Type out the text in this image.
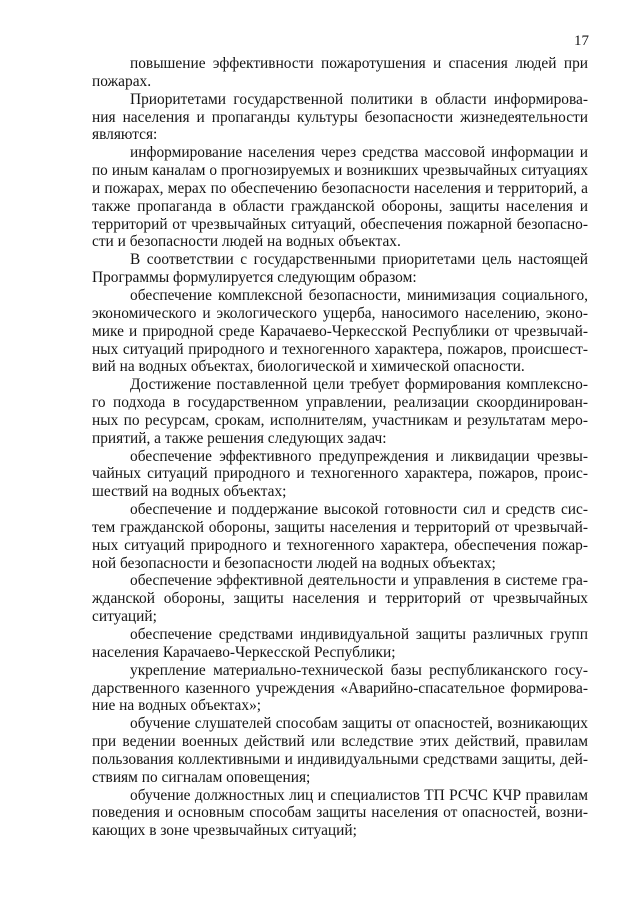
17
повышение эффективности пожаротушения и спасения людей при
пожарах.
Приоритетами государственной политики в области информирова-
ния населения и пропаганды культуры безопасности жизнедеятельности
являются:
информирование населения через средства массовой информации и
по иным каналам о прогнозируемых и возникших чрезвычайных ситуациях
и пожарах, мерах по обеспечению безопасности населения и территорий, а
также пропаганда в области гражданской обороны, защиты населения и
территорий от чрезвычайных ситуаций, обеспечения пожарной безопасно-
сти и безопасности людей на водных объектах.
В соответствии с государственными приоритетами цель настоящей
Программы формулируется следующим образом:
обеспечение комплексной безопасности, минимизация социального,
экономического и экологического ущерба, наносимого населению, эконо-
мике и природной среде Карачаево-Черкесской Республики от чрезвычай-
ных ситуаций природного и техногенного характера, пожаров, происшест-
вий на водных объектах, биологической и химической опасности.
Достижение поставленной цели требует формирования комплексно-
го подхода в государственном управлении, реализации скоординирован-
ных по ресурсам, срокам, исполнителям, участникам и результатам меро-
приятий, а также решения следующих задач:
обеспечение эффективного предупреждения и ликвидации чрезвы-
чайных ситуаций природного и техногенного характера, пожаров, проис-
шествий на водных объектах;
обеспечение и поддержание высокой готовности сил и средств сис-
тем гражданской обороны, защиты населения и территорий от чрезвычай-
ных ситуаций природного и техногенного характера, обеспечения пожар-
ной безопасности и безопасности людей на водных объектах;
обеспечение эффективной деятельности и управления в системе гра-
жданской обороны, защиты населения и территорий от чрезвычайных
ситуаций;
обеспечение средствами индивидуальной защиты различных групп
населения Карачаево-Черкесской Республики;
укрепление материально-технической базы республиканского госу-
дарственного казенного учреждения «Аварийно-спасательное формирова-
ние на водных объектах»;
обучение слушателей способам защиты от опасностей, возникающих
при ведении военных действий или вследствие этих действий, правилам
пользования коллективными и индивидуальными средствами защиты, дей-
ствиям по сигналам оповещения;
обучение должностных лиц и специалистов ТП РСЧС КЧР правилам
поведения и основным способам защиты населения от опасностей, возни-
кающих в зоне чрезвычайных ситуаций;
